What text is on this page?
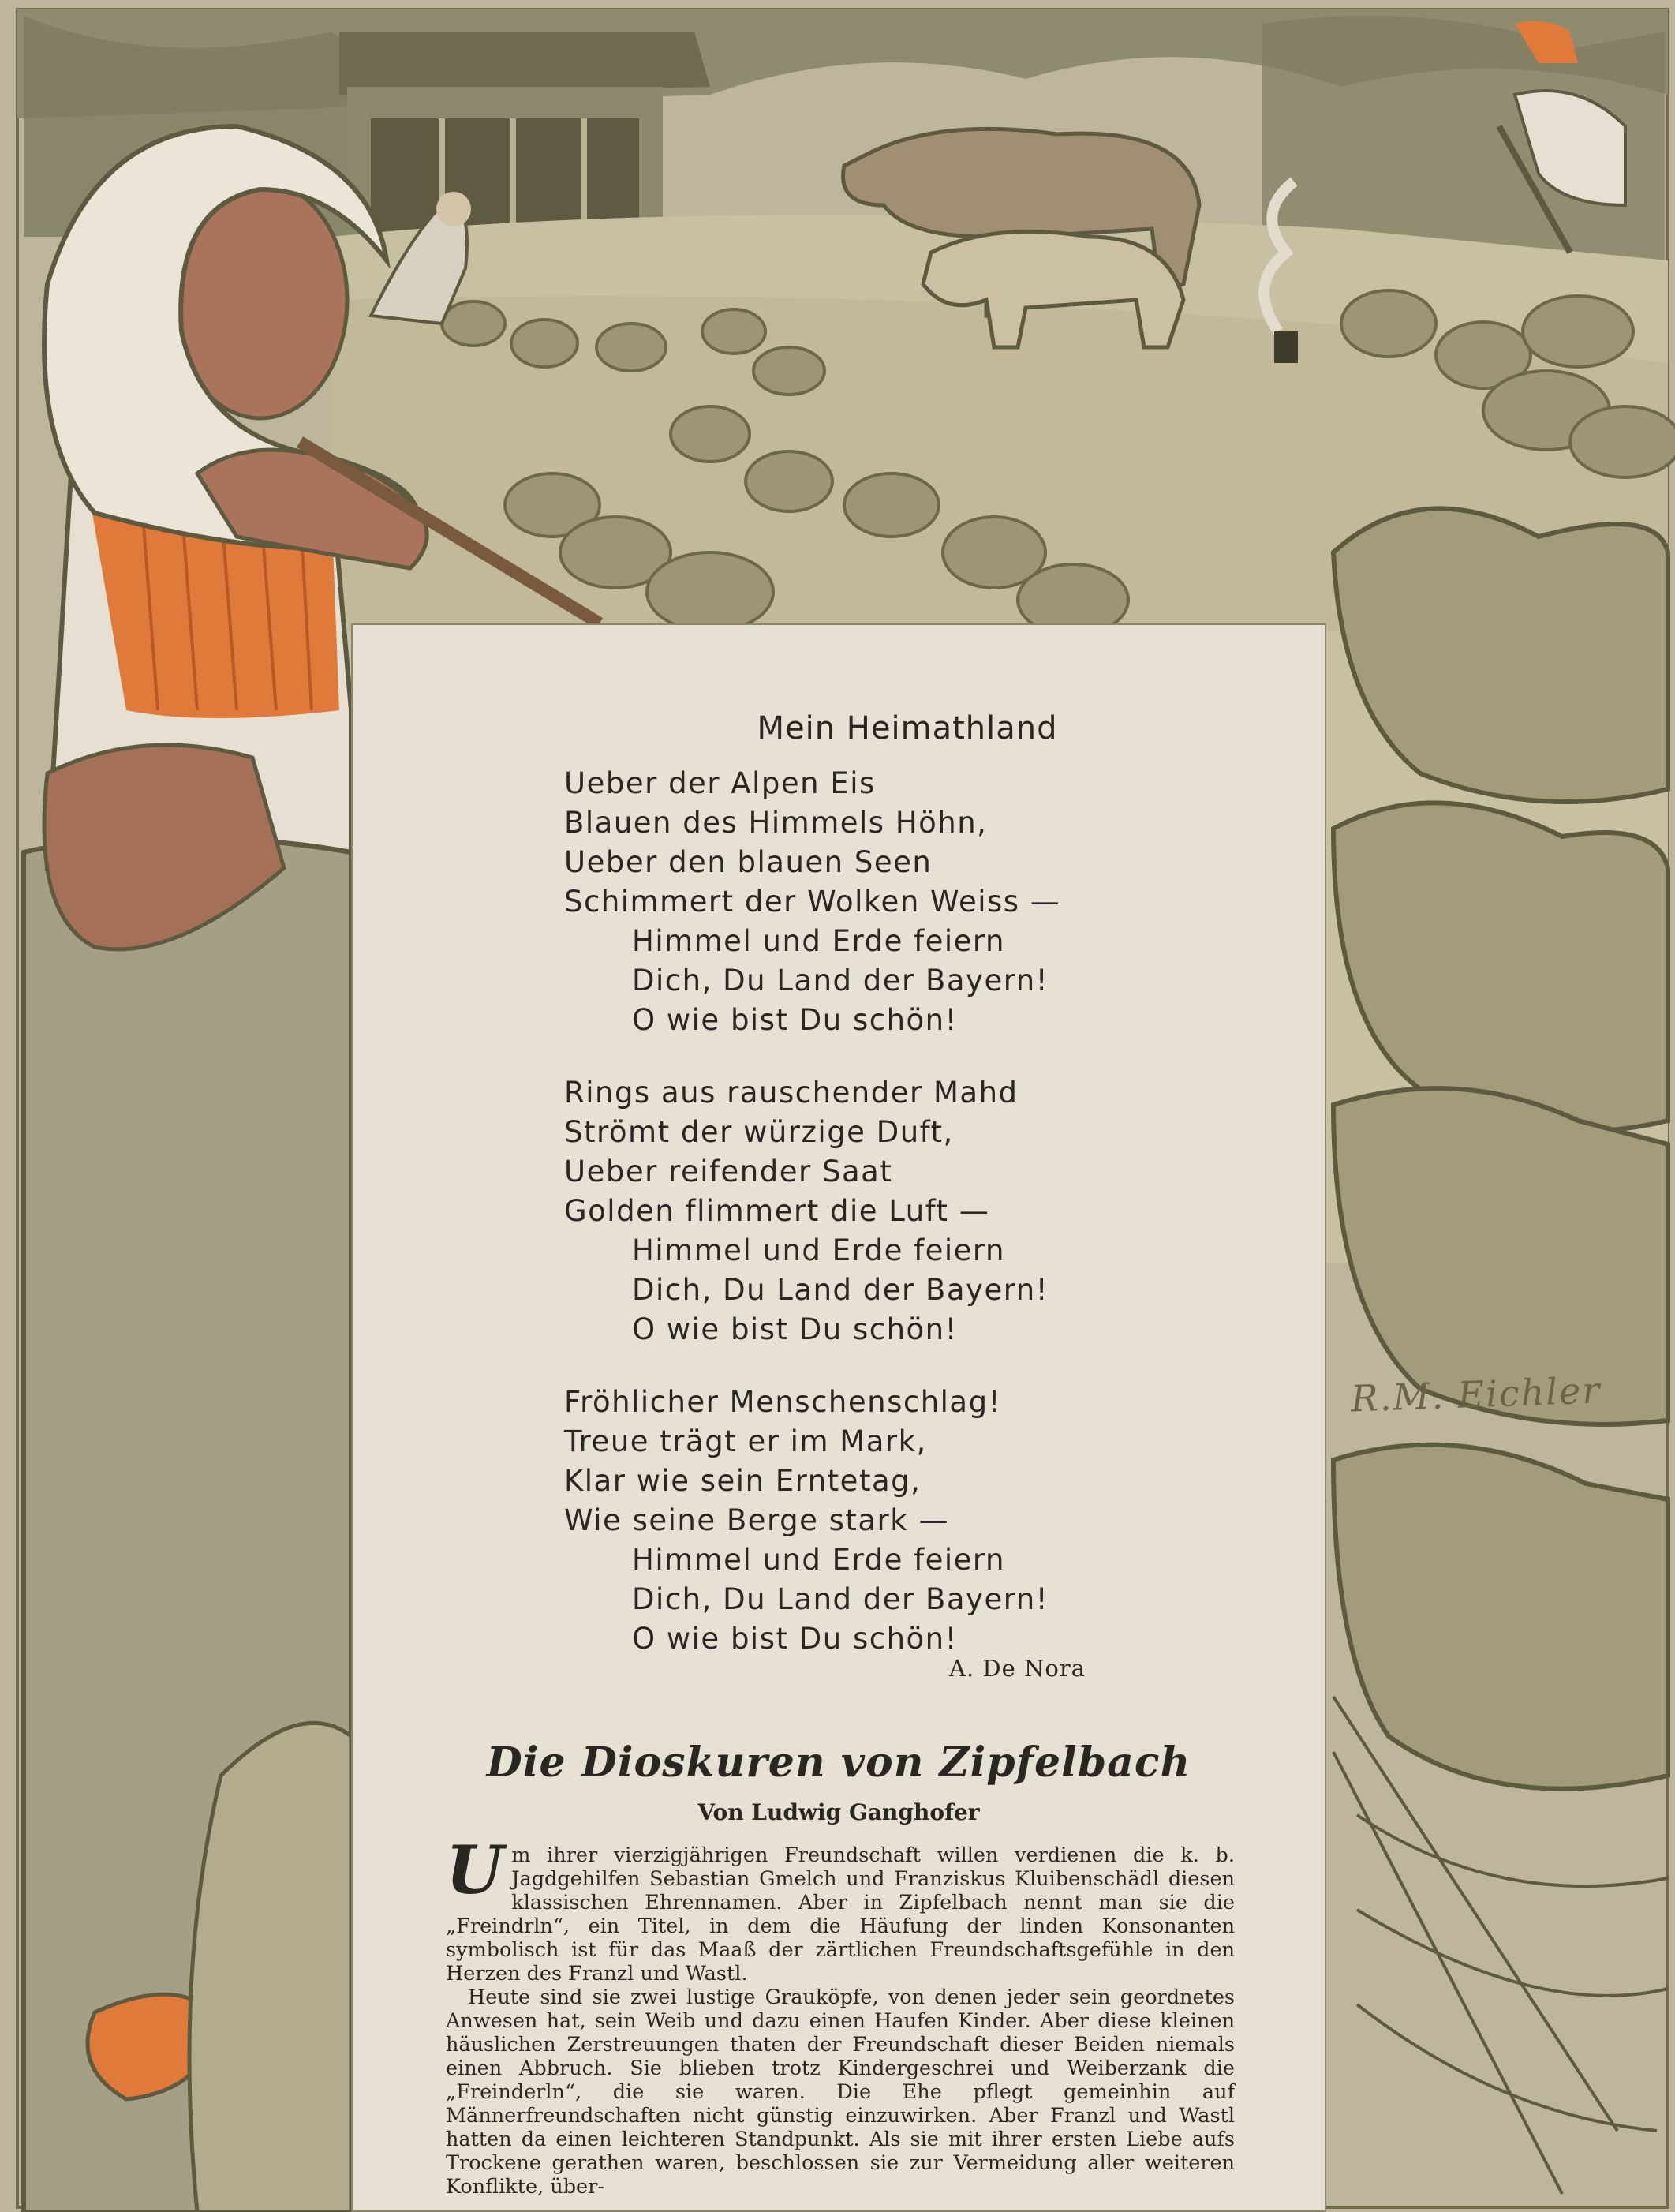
R.M. Eichler
Mein Heimathland
Ueber der Alpen Eis
Blauen des Himmels Höhn,
Ueber den blauen Seen
Schimmert der Wolken Weiss —
Himmel und Erde feiern
Dich, Du Land der Bayern!
O wie bist Du schön!
Rings aus rauschender Mahd
Strömt der würzige Duft,
Ueber reifender Saat
Golden flimmert die Luft —
Himmel und Erde feiern
Dich, Du Land der Bayern!
O wie bist Du schön!
Fröhlicher Menschenschlag!
Treue trägt er im Mark,
Klar wie sein Erntetag,
Wie seine Berge stark —
Himmel und Erde feiern
Dich, Du Land der Bayern!
O wie bist Du schön!
A. De Nora
Die Dioskuren von Zipfelbach
Von Ludwig Ganghofer

Um ihrer vierzigjährigen Freundschaft willen verdienen die k. b. Jagdgehilfen Sebastian Gmelch und Franziskus Kluibenschädl diesen klassischen Ehrennamen. Aber in Zipfelbach nennt man sie die „Freindrln“, ein Titel, in dem die Häufung der linden Konsonanten symbolisch ist für das Maaß der zärtlichen Freundschaftsgefühle in den Herzen des Franzl und Wastl.

Heute sind sie zwei lustige Grauköpfe, von denen jeder sein geordnetes Anwesen hat, sein Weib und dazu einen Haufen Kinder. Aber diese kleinen häuslichen Zerstreuungen thaten der Freundschaft dieser Beiden niemals einen Abbruch. Sie blieben trotz Kindergeschrei und Weiberzank die „Freinderln“, die sie waren. Die Ehe pflegt gemeinhin auf Männerfreundschaften nicht günstig einzuwirken. Aber Franzl und Wastl hatten da einen leichteren Standpunkt. Als sie mit ihrer ersten Liebe aufs Trockene gerathen waren, beschlossen sie zur Vermeidung aller weiteren Konflikte, über-
